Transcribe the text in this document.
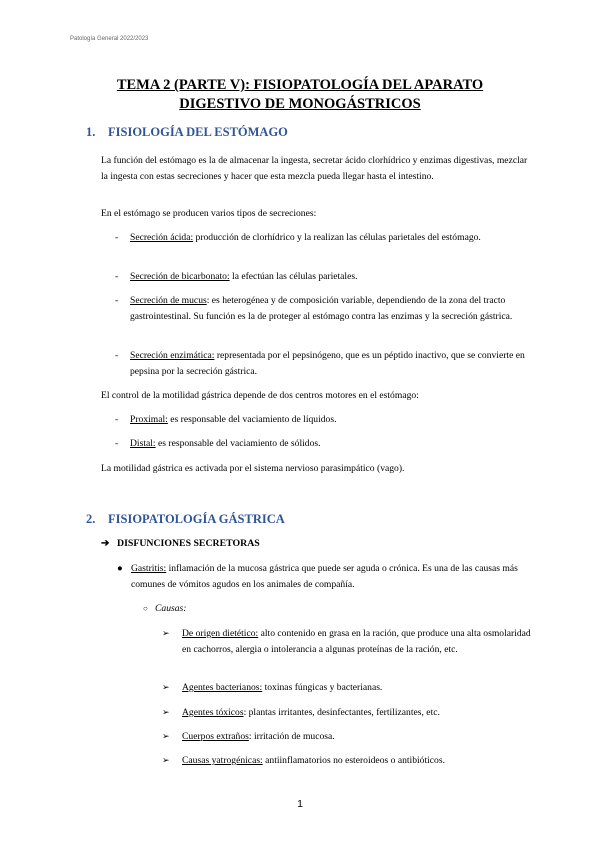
Patología General 2022/2023
TEMA 2 (PARTE V): FISIOPATOLOGÍA DEL APARATO
DIGESTIVO DE MONOGÁSTRICOS
1. FISIOLOGÍA DEL ESTÓMAGO

La función del estómago es la de almacenar la ingesta, secretar ácido clorhídrico y enzimas digestivas, mezclar la ingesta con estas secreciones y hacer que esta mezcla pueda llegar hasta el intestino.

En el estómago se producen varios tipos de secreciones:

- Secreción ácida: producción de clorhídrico y la realizan las células parietales del estómago.
- Secreción de bicarbonato: la efectúan las células parietales.
- Secreción de mucus: es heterogénea y de composición variable, dependiendo de la zona del tracto gastrointestinal. Su función es la de proteger al estómago contra las enzimas y la secreción gástrica.
- Secreción enzimática: representada por el pepsinógeno, que es un péptido inactivo, que se convierte en pepsina por la secreción gástrica.

El control de la motilidad gástrica depende de dos centros motores en el estómago:

- Proximal: es responsable del vaciamiento de líquidos.
- Distal: es responsable del vaciamiento de sólidos.

La motilidad gástrica es activada por el sistema nervioso parasimpático (vago).

2. FISIOPATOLOGÍA GÁSTRICA
➔ DISFUNCIONES SECRETORAS
● Gastritis: inflamación de la mucosa gástrica que puede ser aguda o crónica. Es una de las causas más comunes de vómitos agudos en los animales de compañía.
○ Causas:
➢ De origen dietético: alto contenido en grasa en la ración, que produce una alta osmolaridad en cachorros, alergia o intolerancia a algunas proteínas de la ración, etc.
➢ Agentes bacterianos: toxinas fúngicas y bacterianas.
➢ Agentes tóxicos: plantas irritantes, desinfectantes, fertilizantes, etc.
➢ Cuerpos extraños: irritación de mucosa.
➢ Causas yatrogénicas: antiinflamatorios no esteroideos o antibióticos.
1
